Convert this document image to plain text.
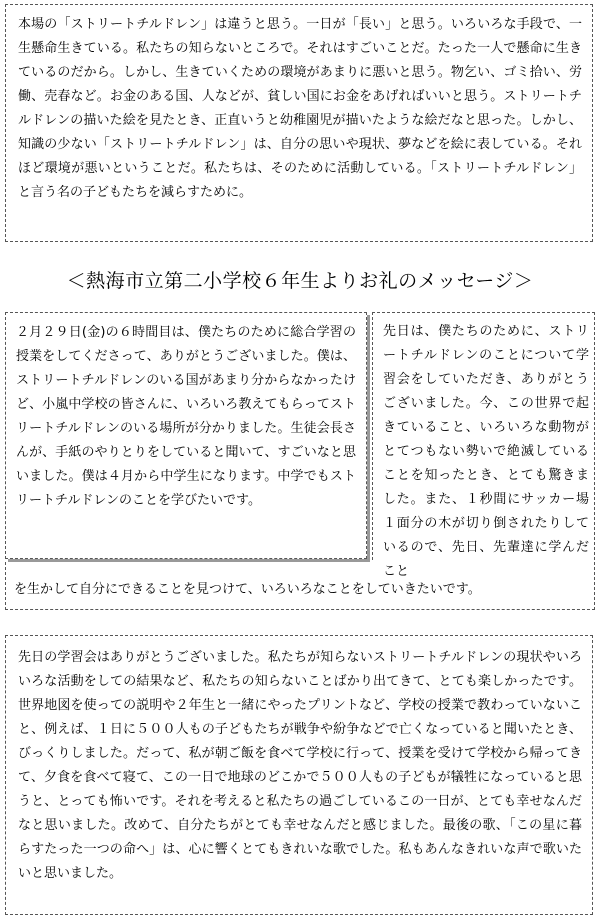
本場の「ストリートチルドレン」は違うと思う。一日が「長い」と思う。いろいろな手段で、一生懸命生きている。私たちの知らないところで。それはすごいことだ。たった一人で懸命に生きているのだから。しかし、生きていくための環境があまりに悪いと思う。物乞い、ゴミ拾い、労働、売春など。お金のある国、人などが、貧しい国にお金をあげればいいと思う。ストリートチルドレンの描いた絵を見たとき、正直いうと幼稚園児が描いたような絵だなと思った。しかし、知識の少ない「ストリートチルドレン」は、自分の思いや現状、夢などを絵に表している。それほど環境が悪いということだ。私たちは、そのために活動している。「ストリートチルドレン」と言う名の子どもたちを減らすために。

＜熱海市立第二小学校６年生よりお礼のメッセージ＞

２月２９日(金)の６時間目は、僕たちのために総合学習の授業をしてくださって、ありがとうございました。僕は、ストリートチルドレンのいる国があまり分からなかったけど、小嵐中学校の皆さんに、いろいろ教えてもらってストリートチルドレンのいる場所が分かりました。生徒会長さんが、手紙のやりとりをしていると聞いて、すごいなと思いました。僕は４月から中学生になります。中学でもストリートチルドレンのことを学びたいです。

先日は、僕たちのために、ストリートチルドレンのことについて学習会をしていただき、ありがとうございました。今、この世界で起きていること、いろいろな動物がとてつもない勢いで絶滅していることを知ったとき、とても驚きました。また、１秒間にサッカー場１面分の木が切り倒されたりしているので、先日、先輩達に学んだこと

を生かして自分にできることを見つけて、いろいろなことをしていきたいです。

先日の学習会はありがとうございました。私たちが知らないストリートチルドレンの現状やいろいろな活動をしての結果など、私たちの知らないことばかり出てきて、とても楽しかったです。世界地図を使っての説明や２年生と一緒にやったプリントなど、学校の授業で教わっていないこと、例えば、１日に５００人もの子どもたちが戦争や紛争などで亡くなっていると聞いたとき、びっくりしました。だって、私が朝ご飯を食べて学校に行って、授業を受けて学校から帰ってきて、夕食を食べて寝て、この一日で地球のどこかで５００人もの子どもが犠牲になっていると思うと、とっても怖いです。それを考えると私たちの過ごしているこの一日が、とても幸せなんだなと思いました。改めて、自分たちがとても幸せなんだと感じました。最後の歌、「この星に暮らすたった一つの命へ」は、心に響くとてもきれいな歌でした。私もあんなきれいな声で歌いたいと思いました。
